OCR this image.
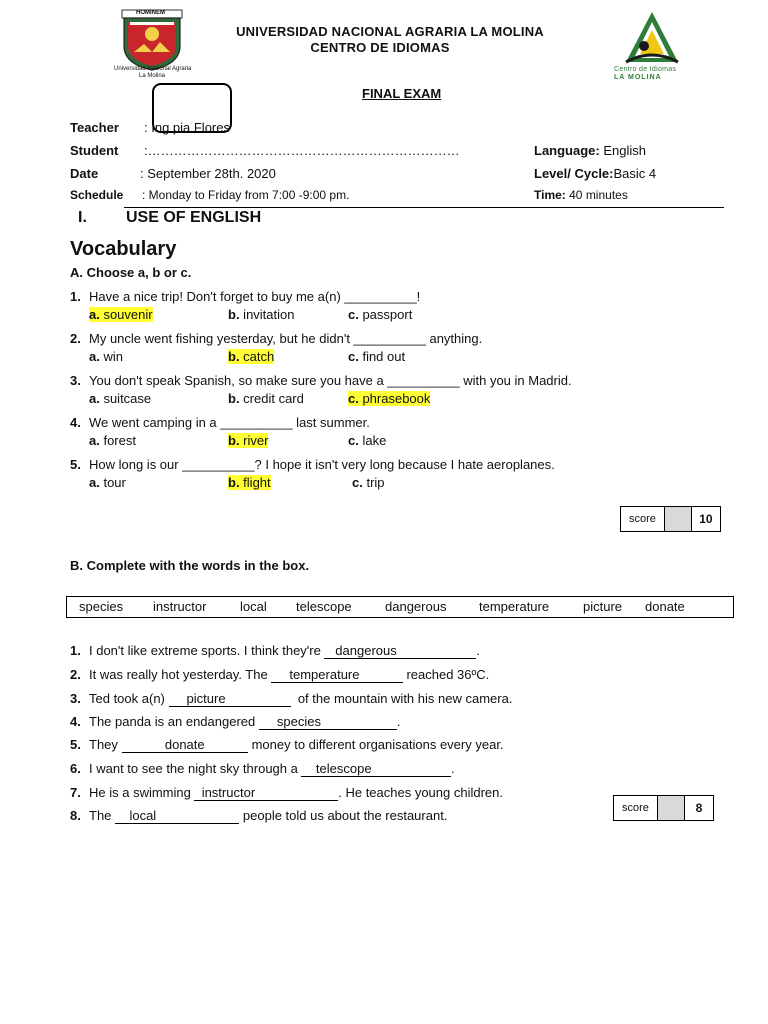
Universidad Nacional Agraria
La Molina
HOMINEM
UNIVERSIDAD NACIONAL AGRARIA LA MOLINA
CENTRO DE IDIOMAS
Centro de Idiomas
LA MOLINA
FINAL EXAM
Teacher : Ing pia Flores
Student :………………………………………………………………
Date	: September 28th. 2020
Schedule : Monday to Friday from 7:00 -9:00 pm.
Language: English
Level/ Cycle:Basic 4
Time: 40 minutes
I. USE OF ENGLISH
Vocabulary
A. Choose a, b or c.
1. Have a nice trip! Don't forget to buy me a(n) __________!
a. souvenir	b. invitation	c. passport
2. My uncle went fishing yesterday, but he didn't __________ anything.
a. win	b. catch	c. find out
3. You don't speak Spanish, so make sure you have a __________ with you in Madrid.
a. suitcase	b. credit card	c. phrasebook
4. We went camping in a __________ last summer.
a. forest	b. river	c. lake
5. How long is our __________? I hope it isn't very long because I hate aeroplanes.
a. tour	b. flight	c. trip
score	10
B. Complete with the words in the box.
species instructor	local telescope	dangerous	temperature	picture donate
1. I don't like extreme sports. I think they're    dangerous                      .
2. It was really hot yesterday. The      temperature             reached 36ºC.
3. Ted took a(n)      picture                    of the mountain with his new camera.
4. The panda is an endangered      species                     .
5. They             donate             money to different organisations every year.
6. I want to see the night sky through a     telescope                      .
7. He is a swimming   instructor                       . He teaches young children.
8. The     local                        people told us about the restaurant.	score	8
